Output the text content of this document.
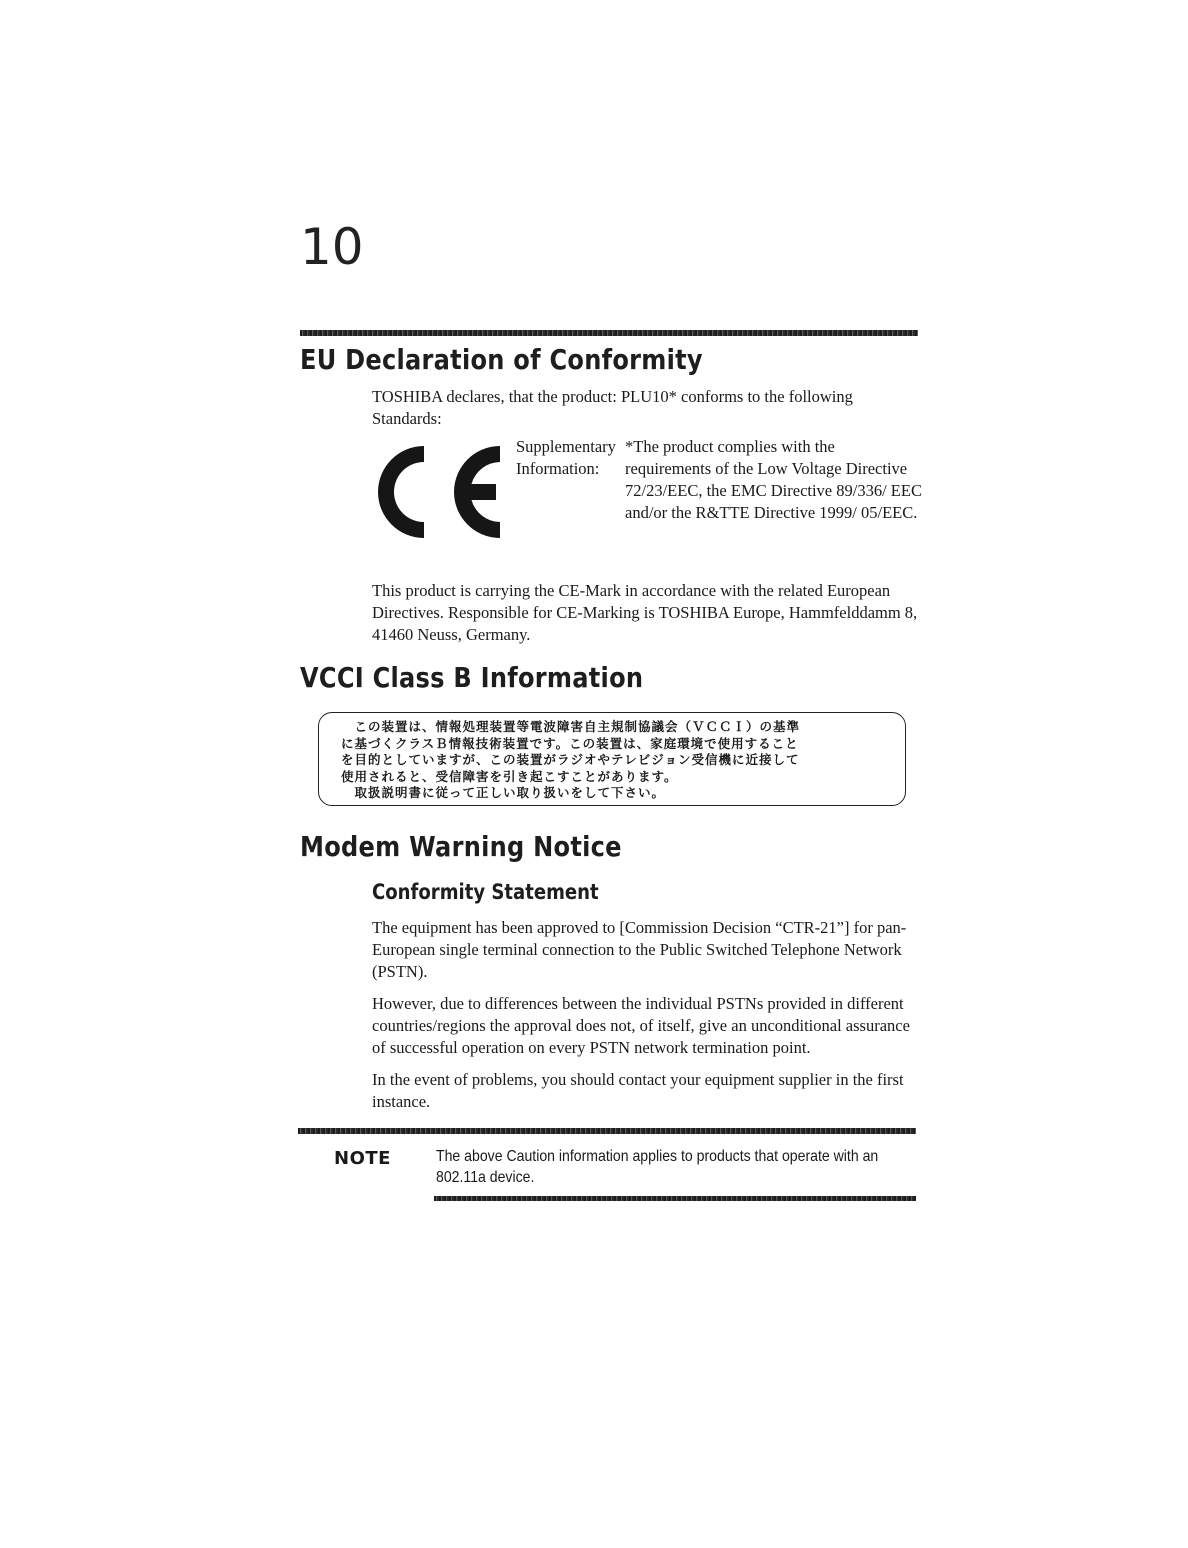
10
EU Declaration of Conformity

TOSHIBA declares, that the product: PLU10* conforms to the following Standards:

Supplementary Information:

*The product complies with the requirements of the Low Voltage Directive 72/23/EEC, the EMC Directive 89/336/ EEC and/or the R&TTE Directive 1999/ 05/EEC.

This product is carrying the CE-Mark in accordance with the related European Directives. Responsible for CE-Marking is TOSHIBA Europe, Hammfelddamm 8, 41460 Neuss, Germany.

VCCI Class B Information
　この装置は、情報処理装置等電波障害自主規制協議会（ＶＣＣＩ）の基準
に基づくクラスＢ情報技術装置です。この装置は、家庭環境で使用すること
を目的としていますが、この装置がラジオやテレビジョン受信機に近接して
使用されると、受信障害を引き起こすことがあります。
　取扱説明書に従って正しい取り扱いをして下さい。
Modem Warning Notice
Conformity Statement

The equipment has been approved to [Commission Decision “CTR-21”] for pan-European single terminal connection to the Public Switched Telephone Network (PSTN).

However, due to differences between the individual PSTNs provided in different countries/regions the approval does not, of itself, give an unconditional assurance of successful operation on every PSTN network termination point.

In the event of problems, you should contact your equipment supplier in the first instance.

NOTE	The above Caution information applies to products that operate with an 802.11a device.
